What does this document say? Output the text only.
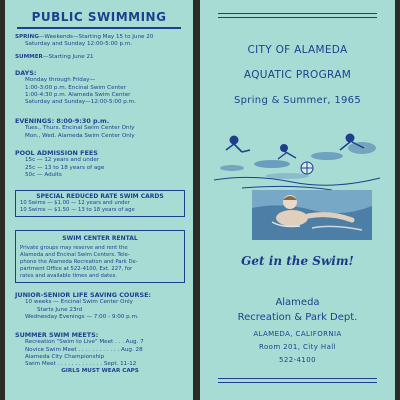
PUBLIC SWIMMING
SPRING—Weekends—Starting May 15 to June 20
Saturday and Sunday 12:00-5:00 p.m.
SUMMER—Starting June 21
DAYS:
Monday through Friday—
1:00-3:00 p.m. Encinal Swim Center
1:00-4:30 p.m. Alameda Swim Center
Saturday and Sunday—12:00-5:00 p.m.
EVENINGS: 8:00-9:30 p.m.
Tues., Thurs. Encinal Swim Center Only
Mon., Wed. Alameda Swim Center Only
POOL ADMISSION FEES
15c — 12 years and under
25c — 13 to 18 years of age
50c — Adults
SPECIAL REDUCED RATE SWIM CARDS
10 Swims — $1.00 — 12 years and under
10 Swims — $1.50 — 13 to 18 years of age
SWIM CENTER RENTAL
Private groups may reserve and rent the
Alameda and Encinal Swim Centers. Tele-
phone the Alameda Recreation and Park De-
partment Office at 522-4100, Ext. 227, for
rates and available times and dates.
JUNIOR-SENIOR LIFE SAVING COURSE:
10 weeks — Encinal Swim Center Only
Starts June 23rd
Wednesday Evenings — 7:00 - 9:00 p.m.
SUMMER SWIM MEETS:
Recreation "Swim to Live" Meet . . . Aug. 7
Novice Swim Meet . . . . . . . . . . . . Aug. 28
Alameda City Championship
Swim Meet . . . . . . . . . . . . . Sept. 11-12
GIRLS MUST WEAR CAPS
CITY OF ALAMEDA
AQUATIC PROGRAM
Spring & Summer, 1965
Get in the Swim!
Alameda
Recreation & Park Dept.
ALAMEDA, CALIFORNIA
Room 201, City Hall
522-4100
